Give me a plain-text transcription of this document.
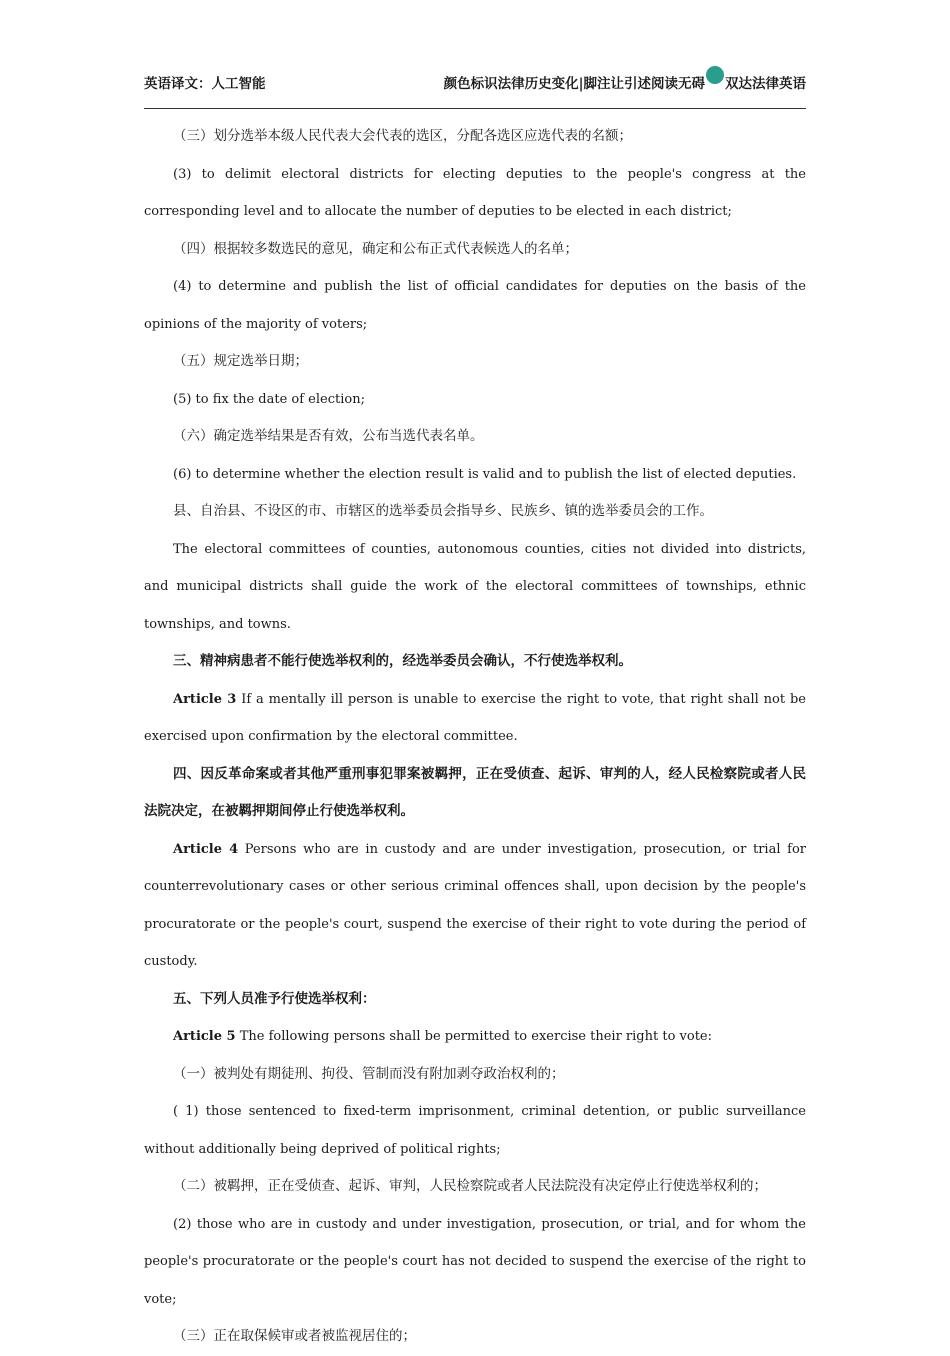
英语译文：人工智能	颜色标识法律历史变化|脚注让引述阅读无碍 双达法律英语

（三）划分选举本级人民代表大会代表的选区，分配各选区应选代表的名额；

(3) to delimit electoral districts for electing deputies to the people's congress at the corresponding level and to allocate the number of deputies to be elected in each district;

（四）根据较多数选民的意见，确定和公布正式代表候选人的名单；

(4) to determine and publish the list of official candidates for deputies on the basis of the opinions of the majority of voters;

（五）规定选举日期；

(5) to fix the date of election;

（六）确定选举结果是否有效，公布当选代表名单。

(6) to determine whether the election result is valid and to publish the list of elected deputies.

县、自治县、不设区的市、市辖区的选举委员会指导乡、民族乡、镇的选举委员会的工作。

The electoral committees of counties, autonomous counties, cities not divided into districts, and municipal districts shall guide the work of the electoral committees of townships, ethnic townships, and towns.

三、精神病患者不能行使选举权利的，经选举委员会确认，不行使选举权利。

Article 3 If a mentally ill person is unable to exercise the right to vote, that right shall not be exercised upon confirmation by the electoral committee.

四、因反革命案或者其他严重刑事犯罪案被羁押，正在受侦查、起诉、审判的人，经人民检察院或者人民法院决定，在被羁押期间停止行使选举权利。

Article 4 Persons who are in custody and are under investigation, prosecution, or trial for counterrevolutionary cases or other serious criminal offences shall, upon decision by the people's procuratorate or the people's court, suspend the exercise of their right to vote during the period of custody.

五、下列人员准予行使选举权利：

Article 5 The following persons shall be permitted to exercise their right to vote:

（一）被判处有期徒刑、拘役、管制而没有附加剥夺政治权利的；

( 1) those sentenced to fixed-term imprisonment, criminal detention, or public surveillance without additionally being deprived of political rights;

（二）被羁押，正在受侦查、起诉、审判，人民检察院或者人民法院没有决定停止行使选举权利的；

(2) those who are in custody and under investigation, prosecution, or trial, and for whom the people's procuratorate or the people's court has not decided to suspend the exercise of the right to vote;

（三）正在取保候审或者被监视居住的；
